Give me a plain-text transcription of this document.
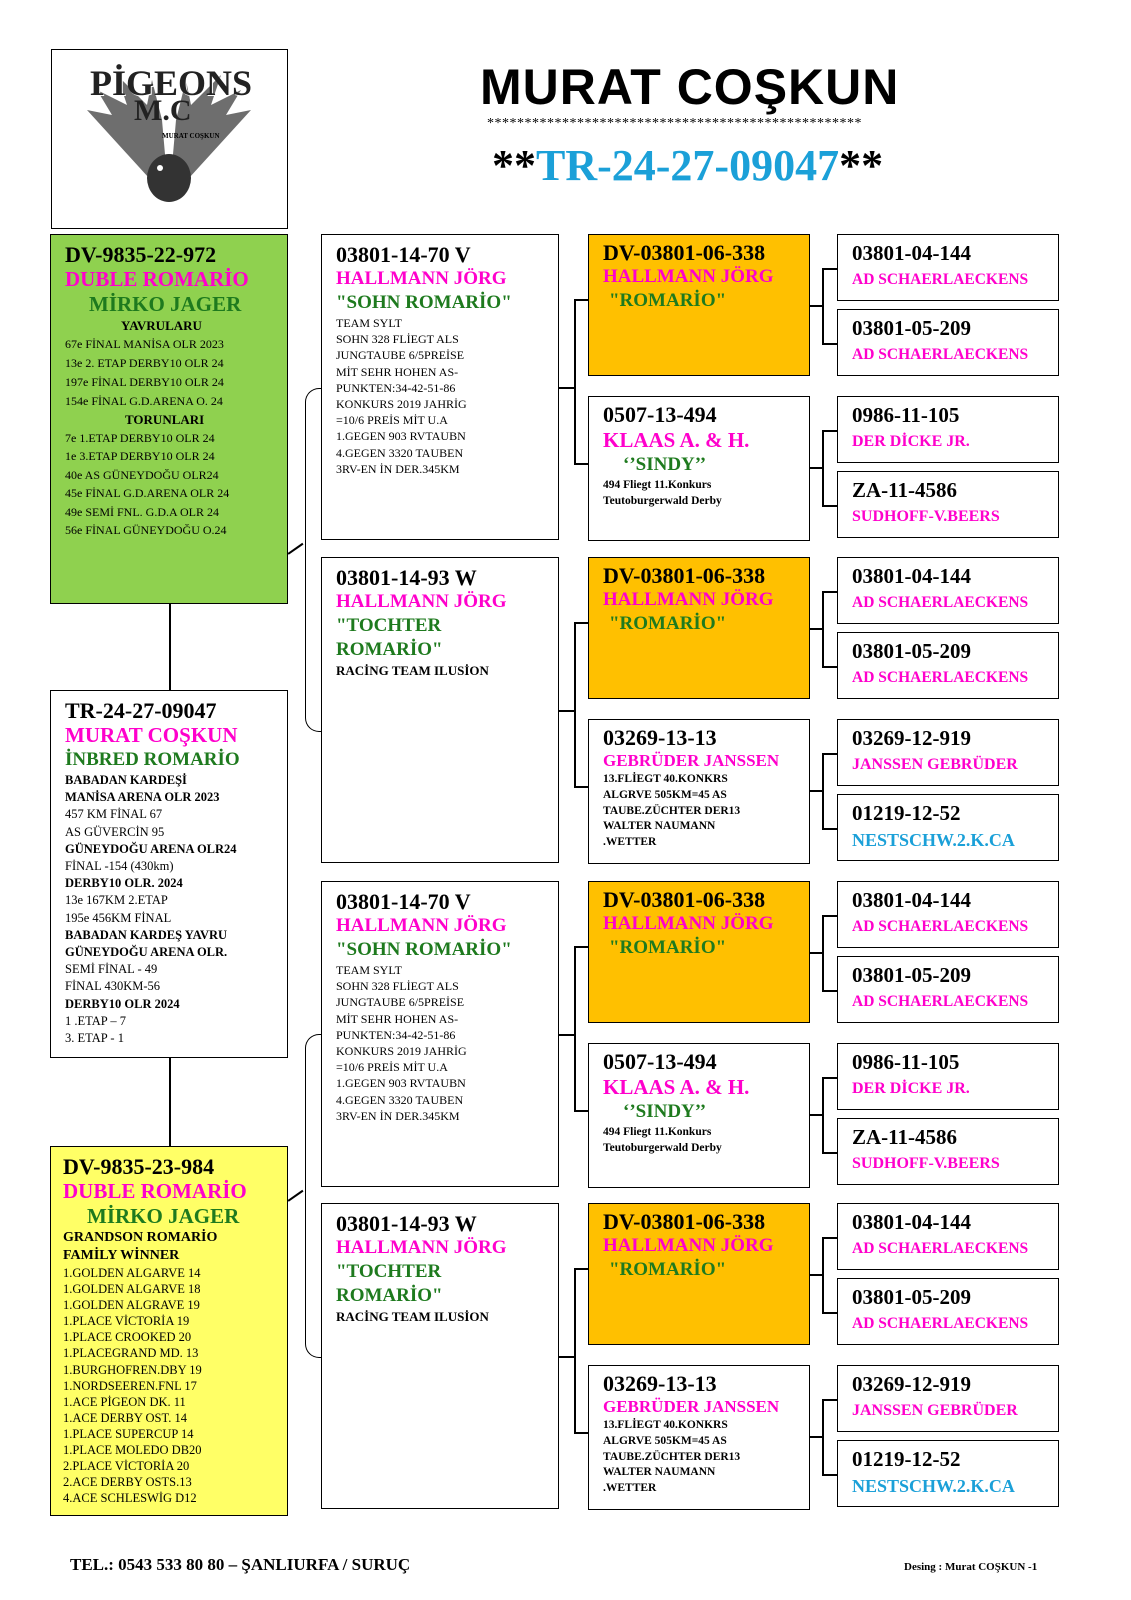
PİGEONS
M.C
MURAT COŞKUN
MURAT COŞKUN
**************************************************
**TR-24-27-09047**
DV-9835-22-972
DUBLE ROMARİO
MİRKO JAGER
YAVRULARU
67e FİNAL MANİSA OLR 2023
13e 2. ETAP DERBY10 OLR 24
197e FİNAL DERBY10 OLR 24
154e FİNAL G.D.ARENA O. 24
TORUNLARI
7e 1.ETAP DERBY10 OLR 24
1e 3.ETAP DERBY10 OLR 24
40e AS GÜNEYDOĞU OLR24
45e FİNAL G.D.ARENA OLR 24
49e SEMİ FNL. G.D.A OLR 24
56e FİNAL GÜNEYDOĞU O.24
TR-24-27-09047
MURAT COŞKUN
İNBRED ROMARİO
BABADAN KARDEŞİ
MANİSA ARENA OLR 2023
457 KM FİNAL 67
AS GÜVERCİN 95
GÜNEYDOĞU ARENA OLR24
FİNAL -154 (430km)
DERBY10 OLR. 2024
13e 167KM 2.ETAP
195e 456KM FİNAL
BABADAN KARDEŞ YAVRU
GÜNEYDOĞU ARENA OLR.
SEMİ FİNAL - 49
FİNAL 430KM-56
DERBY10 OLR 2024
1 .ETAP – 7
3. ETAP - 1
DV-9835-23-984
DUBLE ROMARİO
MİRKO JAGER
GRANDSON ROMARİO
FAMİLY WİNNER
1.GOLDEN ALGARVE 14
1.GOLDEN ALGARVE 18
1.GOLDEN ALGRAVE 19
1.PLACE VİCTORİA 19
1.PLACE CROOKED 20
1.PLACEGRAND MD. 13
1.BURGHOFREN.DBY 19
1.NORDSEEREN.FNL 17
1.ACE PİGEON DK. 11
1.ACE DERBY OST. 14
1.PLACE SUPERCUP 14
1.PLACE MOLEDO DB20
2.PLACE VİCTORİA 20
2.ACE DERBY OSTS.13
4.ACE SCHLESWİG D12
03801-14-70 V
HALLMANN JÖRG
"SOHN ROMARİO"
TEAM SYLT
SOHN 328 FLİEGT ALS
JUNGTAUBE 6/5PREİSE
MİT SEHR HOHEN AS-
PUNKTEN:34-42-51-86
KONKURS 2019 JAHRİG
=10/6 PREİS MİT U.A
1.GEGEN 903 RVTAUBN
4.GEGEN 3320 TAUBEN
3RV-EN İN DER.345KM
03801-14-93 W
HALLMANN JÖRG
"TOCHTER
ROMARİO"
RACİNG TEAM ILUSİON
03801-14-70 V
HALLMANN JÖRG
"SOHN ROMARİO"
TEAM SYLT
SOHN 328 FLİEGT ALS
JUNGTAUBE 6/5PREİSE
MİT SEHR HOHEN AS-
PUNKTEN:34-42-51-86
KONKURS 2019 JAHRİG
=10/6 PREİS MİT U.A
1.GEGEN 903 RVTAUBN
4.GEGEN 3320 TAUBEN
3RV-EN İN DER.345KM
03801-14-93 W
HALLMANN JÖRG
"TOCHTER
ROMARİO"
RACİNG TEAM ILUSİON
DV-03801-06-338
HALLMANN JÖRG
"ROMARİO"
0507-13-494
KLAAS A. & H.
‘’SINDY’’
494 Fliegt 11.Konkurs
Teutoburgerwald Derby
DV-03801-06-338
HALLMANN JÖRG
"ROMARİO"
03269-13-13
GEBRÜDER JANSSEN
13.FLİEGT 40.KONKRS
ALGRVE 505KM=45 AS
TAUBE.ZÜCHTER DER13
WALTER NAUMANN
.WETTER
DV-03801-06-338
HALLMANN JÖRG
"ROMARİO"
0507-13-494
KLAAS A. & H.
‘’SINDY’’
494 Fliegt 11.Konkurs
Teutoburgerwald Derby
DV-03801-06-338
HALLMANN JÖRG
"ROMARİO"
03269-13-13
GEBRÜDER JANSSEN
13.FLİEGT 40.KONKRS
ALGRVE 505KM=45 AS
TAUBE.ZÜCHTER DER13
WALTER NAUMANN
.WETTER
03801-04-144
AD SCHAERLAECKENS
03801-05-209
AD SCHAERLAECKENS
0986-11-105
DER DİCKE JR.
ZA-11-4586
SUDHOFF-V.BEERS
03801-04-144
AD SCHAERLAECKENS
03801-05-209
AD SCHAERLAECKENS
03269-12-919
JANSSEN GEBRÜDER
01219-12-52
NESTSCHW.2.K.CA
03801-04-144
AD SCHAERLAECKENS
03801-05-209
AD SCHAERLAECKENS
0986-11-105
DER DİCKE JR.
ZA-11-4586
SUDHOFF-V.BEERS
03801-04-144
AD SCHAERLAECKENS
03801-05-209
AD SCHAERLAECKENS
03269-12-919
JANSSEN GEBRÜDER
01219-12-52
NESTSCHW.2.K.CA
TEL.: 0543 533 80 80 – ŞANLIURFA / SURUÇ	Desing : Murat COŞKUN -1
